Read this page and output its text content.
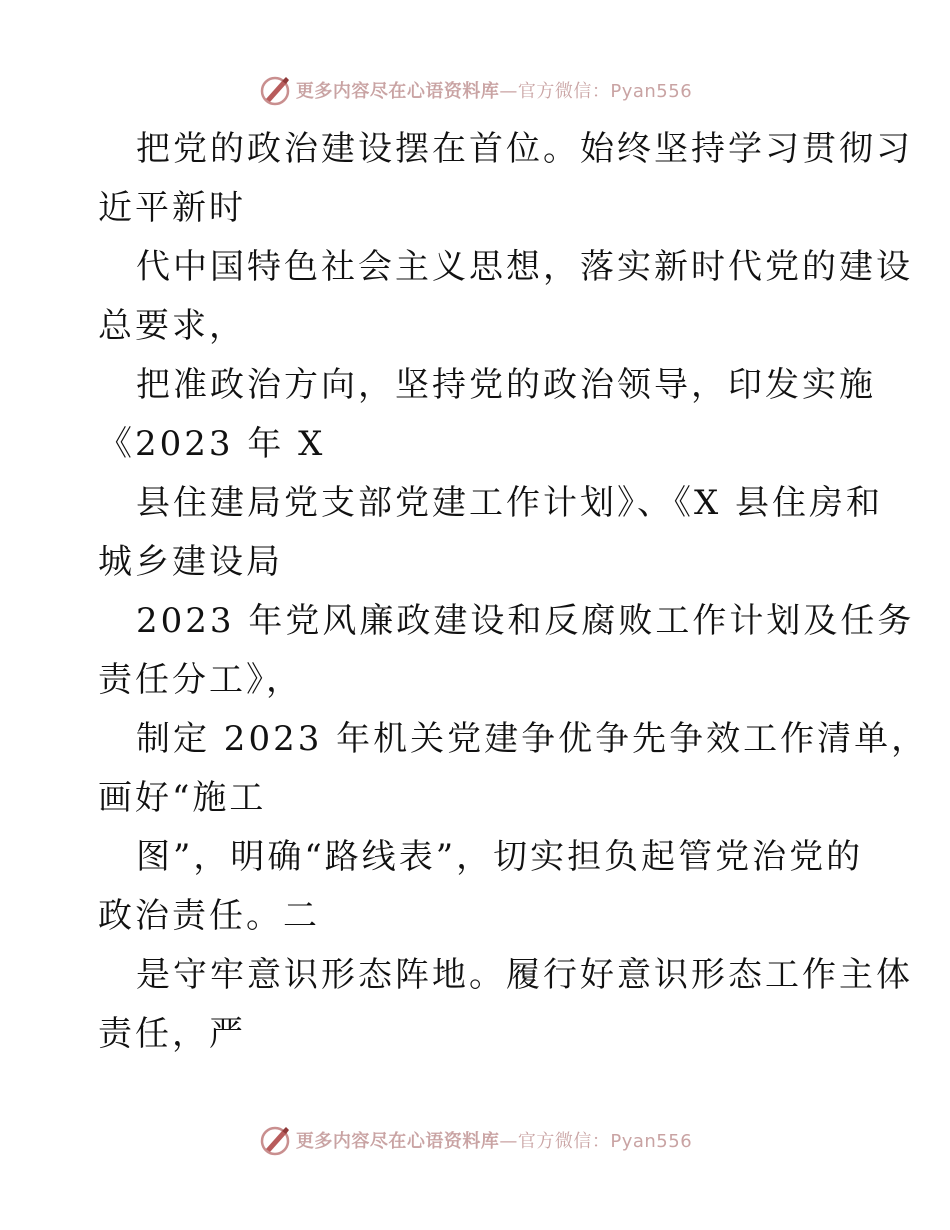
更多内容尽在心语资料库—官方微信：Pyan556
把党的政治建设摆在首位。始终坚持学习贯彻习
近平新时
代中国特色社会主义思想，落实新时代党的建设
总要求，
把准政治方向，坚持党的政治领导，印发实施
《2023 年 X
县住建局党支部党建工作计划》、《X 县住房和
城乡建设局
2023 年党风廉政建设和反腐败工作计划及任务
责任分工》，
制定 2023 年机关党建争优争先争效工作清单，
画好“施工
图”，明确“路线表”，切实担负起管党治党的
政治责任。二
是守牢意识形态阵地。履行好意识形态工作主体
责任，严
更多内容尽在心语资料库—官方微信：Pyan556
